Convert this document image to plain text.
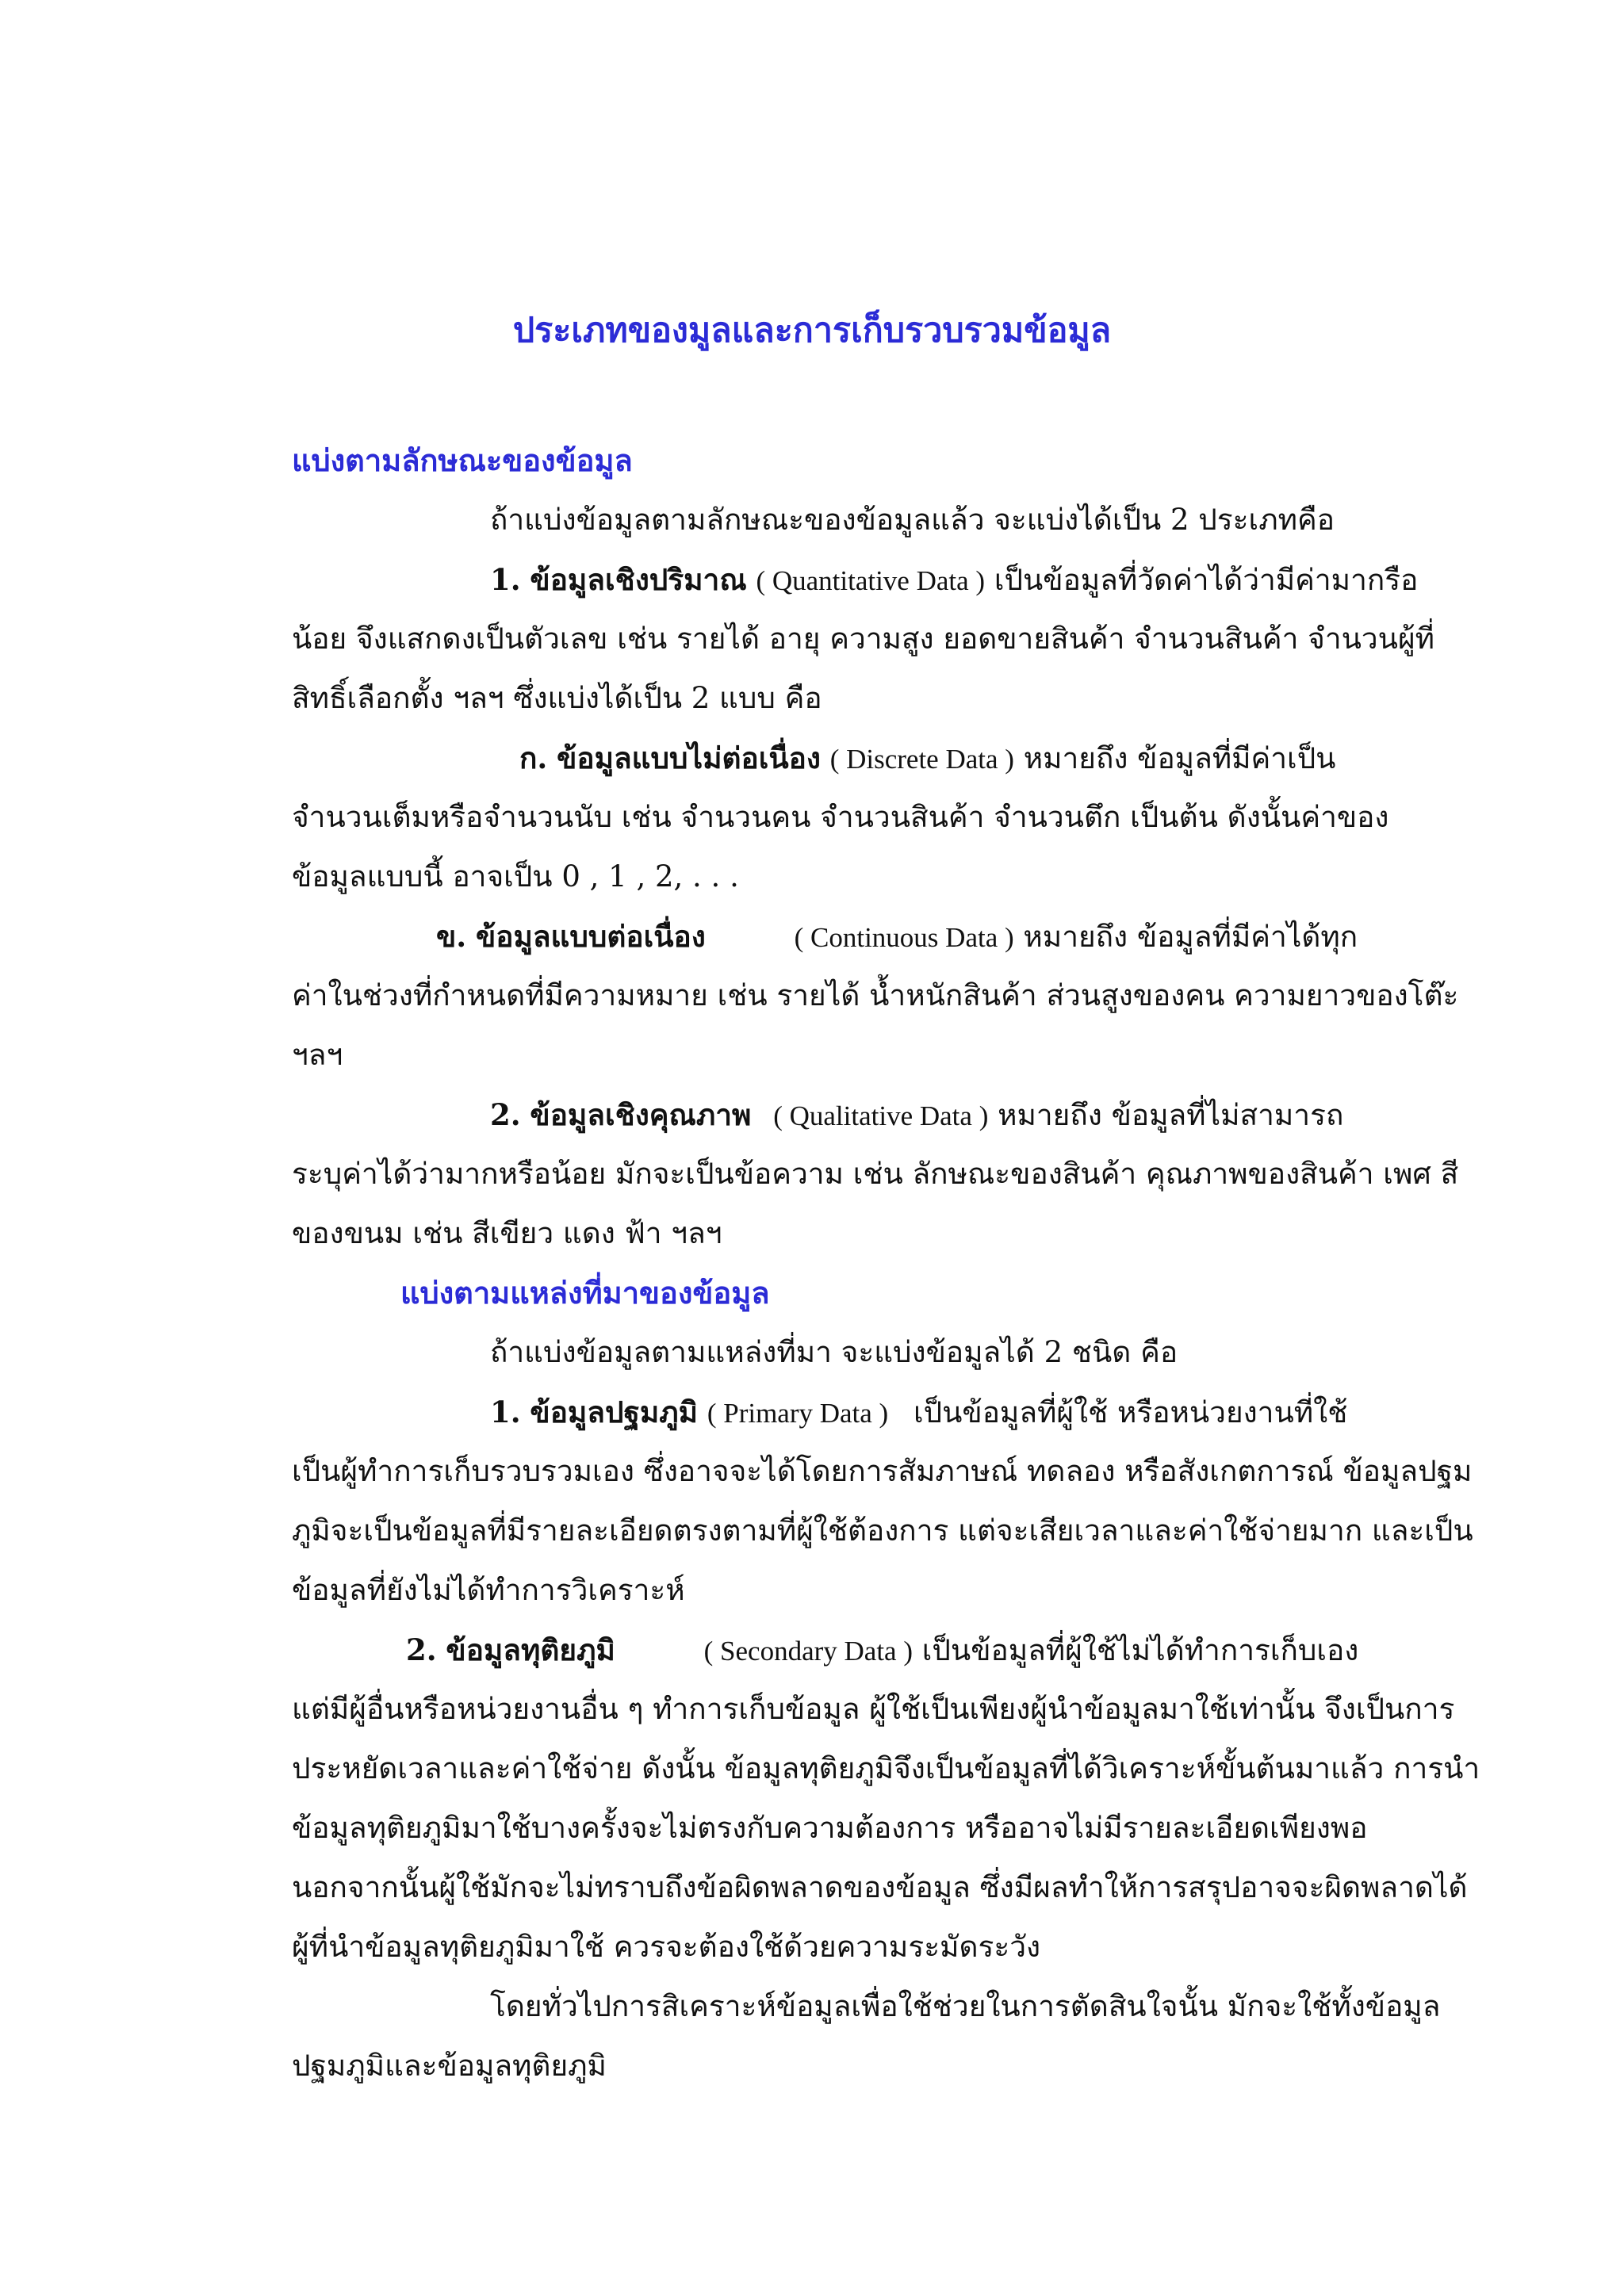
ประเภทของมูลและการเก็บรวบรวมข้อมูล

แบ่งตามลักษณะของข้อมูล

ถ้าแบ่งข้อมูลตามลักษณะของข้อมูลแล้ว จะแบ่งได้เป็น 2 ประเภทคือ

1. ข้อมูลเชิงปริมาณ ( Quantitative Data ) เป็นข้อมูลที่วัดค่าได้ว่ามีค่ามากรือ

น้อย จึงแสกดงเป็นตัวเลข เช่น รายได้ อายุ ความสูง ยอดขายสินค้า จำนวนสินค้า จำนวนผู้ที่

สิทธิ์เลือกตั้ง ฯลฯ ซึ่งแบ่งได้เป็น 2 แบบ คือ

ก. ข้อมูลแบบไม่ต่อเนื่อง ( Discrete Data ) หมายถึง ข้อมูลที่มีค่าเป็น

จำนวนเต็มหรือจำนวนนับ เช่น จำนวนคน จำนวนสินค้า จำนวนตึก เป็นต้น ดังนั้นค่าของ

ข้อมูลแบบนี้ อาจเป็น 0 , 1 , 2, . . .

ข. ข้อมูลแบบต่อเนื่อง	( Continuous Data ) หมายถึง ข้อมูลที่มีค่าได้ทุก

ค่าในช่วงที่กำหนดที่มีความหมาย เช่น รายได้ น้ำหนักสินค้า ส่วนสูงของคน ความยาวของโต๊ะ

ฯลฯ

2. ข้อมูลเชิงคุณภาพ ( Qualitative Data ) หมายถึง ข้อมูลที่ไม่สามารถ

ระบุค่าได้ว่ามากหรือน้อย มักจะเป็นข้อความ เช่น ลักษณะของสินค้า คุณภาพของสินค้า เพศ สี

ของขนม เช่น สีเขียว แดง ฟ้า ฯลฯ

แบ่งตามแหล่งที่มาของข้อมูล

ถ้าแบ่งข้อมูลตามแหล่งที่มา จะแบ่งข้อมูลได้ 2 ชนิด คือ

1. ข้อมูลปฐมภูมิ ( Primary Data ) เป็นข้อมูลที่ผู้ใช้ หรือหน่วยงานที่ใช้

เป็นผู้ทำการเก็บรวบรวมเอง ซึ่งอาจจะได้โดยการสัมภาษณ์ ทดลอง หรือสังเกตการณ์ ข้อมูลปฐม

ภูมิจะเป็นข้อมูลที่มีรายละเอียดตรงตามที่ผู้ใช้ต้องการ แต่จะเสียเวลาและค่าใช้จ่ายมาก และเป็น

ข้อมูลที่ยังไม่ได้ทำการวิเคราะห์

2. ข้อมูลทุติยภูมิ	( Secondary Data ) เป็นข้อมูลที่ผู้ใช้ไม่ได้ทำการเก็บเอง

แต่มีผู้อื่นหรือหน่วยงานอื่น ๆ ทำการเก็บข้อมูล ผู้ใช้เป็นเพียงผู้นำข้อมูลมาใช้เท่านั้น จึงเป็นการ

ประหยัดเวลาและค่าใช้จ่าย ดังนั้น ข้อมูลทุติยภูมิจึงเป็นข้อมูลที่ได้วิเคราะห์ขั้นต้นมาแล้ว การนำ

ข้อมูลทุติยภูมิมาใช้บางครั้งจะไม่ตรงกับความต้องการ หรืออาจไม่มีรายละเอียดเพียงพอ

นอกจากนั้นผู้ใช้มักจะไม่ทราบถึงข้อผิดพลาดของข้อมูล ซึ่งมีผลทำให้การสรุปอาจจะผิดพลาดได้

ผู้ที่นำข้อมูลทุติยภูมิมาใช้ ควรจะต้องใช้ด้วยความระมัดระวัง

โดยทั่วไปการสิเคราะห์ข้อมูลเพื่อใช้ช่วยในการตัดสินใจนั้น มักจะใช้ทั้งข้อมูล

ปฐมภูมิและข้อมูลทุติยภูมิ
